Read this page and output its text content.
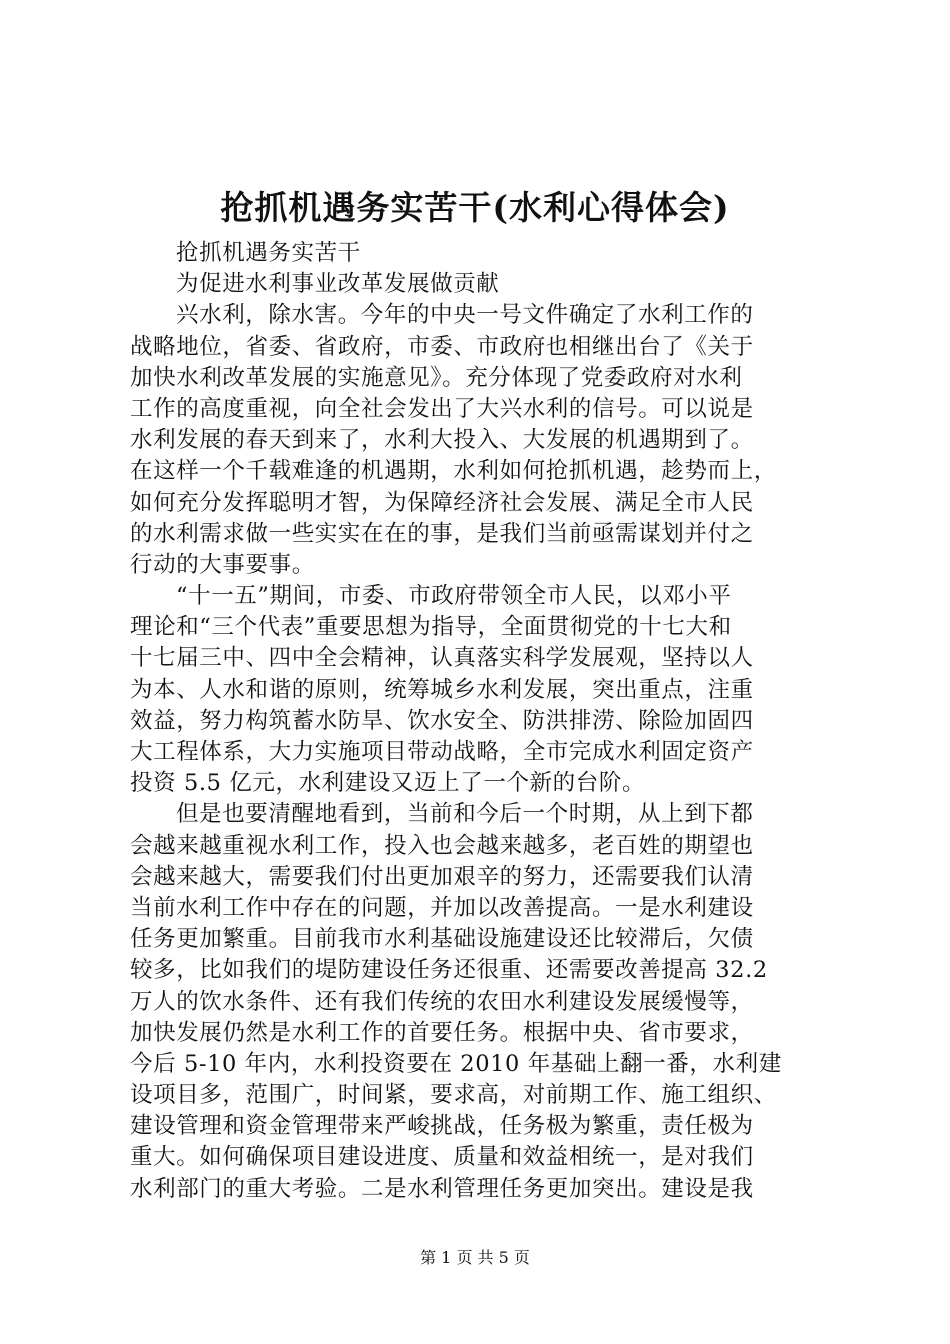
抢抓机遇务实苦干(水利心得体会)

抢抓机遇务实苦干

为促进水利事业改革发展做贡献

兴水利，除水害。今年的中央一号文件确定了水利工作的

战略地位，省委、省政府，市委、市政府也相继出台了《关于

加快水利改革发展的实施意见》。充分体现了党委政府对水利

工作的高度重视，向全社会发出了大兴水利的信号。可以说是

水利发展的春天到来了，水利大投入、大发展的机遇期到了。

在这样一个千载难逢的机遇期，水利如何抢抓机遇，趁势而上，

如何充分发挥聪明才智，为保障经济社会发展、满足全市人民

的水利需求做一些实实在在的事，是我们当前亟需谋划并付之

行动的大事要事。

“十一五”期间，市委、市政府带领全市人民，以邓小平

理论和“三个代表”重要思想为指导，全面贯彻党的十七大和

十七届三中、四中全会精神，认真落实科学发展观，坚持以人

为本、人水和谐的原则，统筹城乡水利发展，突出重点，注重

效益，努力构筑蓄水防旱、饮水安全、防洪排涝、除险加固四

大工程体系，大力实施项目带动战略，全市完成水利固定资产

投资 5.5 亿元，水利建设又迈上了一个新的台阶。

但是也要清醒地看到，当前和今后一个时期，从上到下都

会越来越重视水利工作，投入也会越来越多，老百姓的期望也

会越来越大，需要我们付出更加艰辛的努力，还需要我们认清

当前水利工作中存在的问题，并加以改善提高。一是水利建设

任务更加繁重。目前我市水利基础设施建设还比较滞后，欠债

较多，比如我们的堤防建设任务还很重、还需要改善提高 32.2

万人的饮水条件、还有我们传统的农田水利建设发展缓慢等，

加快发展仍然是水利工作的首要任务。根据中央、省市要求，

今后 5-10 年内，水利投资要在 2010 年基础上翻一番，水利建

设项目多，范围广，时间紧，要求高，对前期工作、施工组织、

建设管理和资金管理带来严峻挑战，任务极为繁重，责任极为

重大。如何确保项目建设进度、质量和效益相统一，是对我们

水利部门的重大考验。二是水利管理任务更加突出。建设是我

第 1 页 共 5 页
